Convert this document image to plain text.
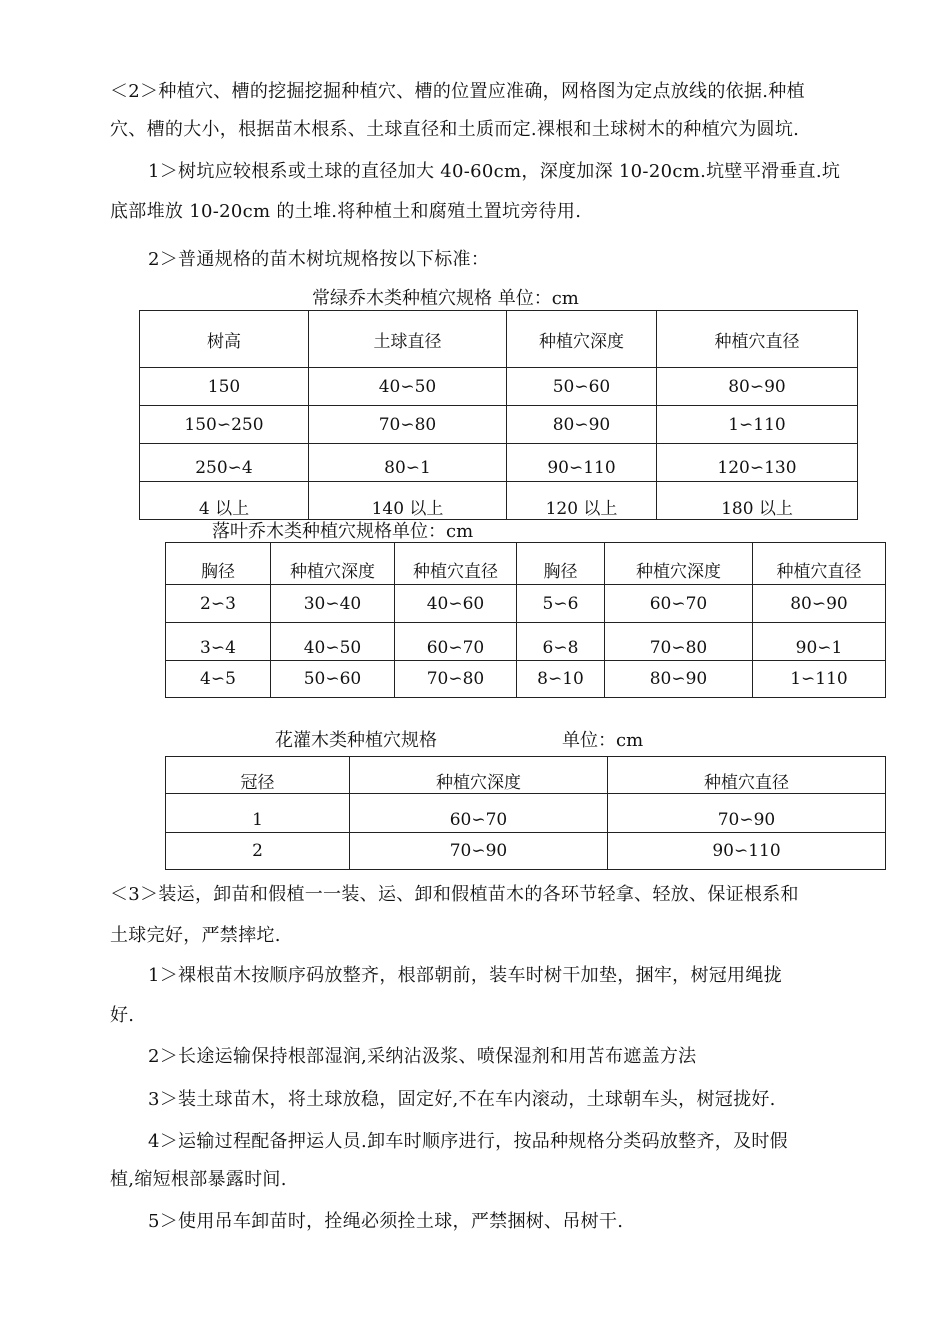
＜2＞种植穴、槽的挖掘挖掘种植穴、槽的位置应准确，网格图为定点放线的依据.种植
穴、槽的大小，根据苗木根系、土球直径和土质而定.裸根和土球树木的种植穴为圆坑.
1＞树坑应较根系或土球的直径加大 40-60cm，深度加深 10-20cm.坑壁平滑垂直.坑
底部堆放 10-20cm 的土堆.将种植土和腐殖土置坑旁待用.
2＞普通规格的苗木树坑规格按以下标准：
常绿乔木类种植穴规格 单位：cm
树高	土球直径	种植穴深度	种植穴直径
150	40∽50	50∽60	80∽90
150∽250	70∽80	80∽90	1∽110
250∽4	80∽1	90∽110	120∽130
4 以上	140 以上	120 以上	180 以上
落叶乔木类种植穴规格单位：cm
胸径	种植穴深度	种植穴直径	胸径	种植穴深度	种植穴直径
2∽3	30∽40	40∽60	5∽6	60∽70	80∽90
3∽4	40∽50	60∽70	6∽8	70∽80	90∽1
4∽5	50∽60	70∽80	8∽10	80∽90	1∽110
花灌木类种植穴规格	单位：cm
冠径	种植穴深度	种植穴直径
1	60∽70	70∽90
2	70∽90	90∽110
＜3＞装运，卸苗和假植一一装、运、卸和假植苗木的各环节轻拿、轻放、保证根系和
土球完好，严禁摔坨.
1＞裸根苗木按顺序码放整齐，根部朝前，装车时树干加垫，捆牢，树冠用绳拢
好.
2＞长途运输保持根部湿润,采纳沾汲浆、喷保湿剂和用苫布遮盖方法
3＞装土球苗木，将土球放稳，固定好,不在车内滚动，土球朝车头，树冠拢好.
4＞运输过程配备押运人员.卸车时顺序进行，按品种规格分类码放整齐，及时假
植,缩短根部暴露时间.
5＞使用吊车卸苗时，拴绳必须拴土球，严禁捆树、吊树干.
